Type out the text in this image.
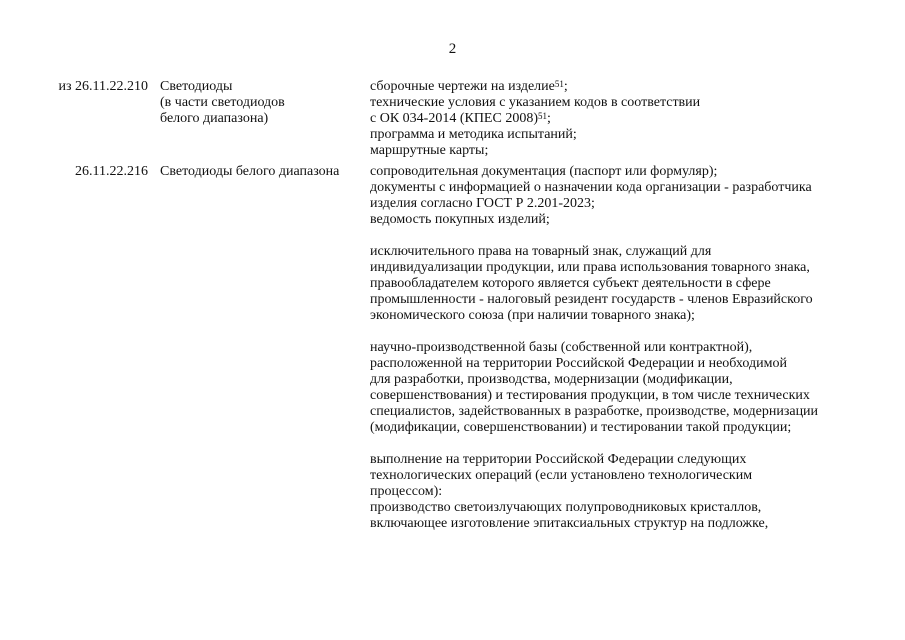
2
из 26.11.22.210 Светодиоды
(в части светодиодов
белого диапазона)
сборочные чертежи на изделие$^{51}$;
технические условия с указанием кодов в соответствии
с ОК 034-2014 (КПЕС 2008)$^{51}$;
программа и методика испытаний;
маршрутные карты;
26.11.22.216 Светодиоды белого диапазона	сопроводительная документация (паспорт или формуляр);
документы с информацией о назначении кода организации - разработчика
изделия согласно ГОСТ Р 2.201-2023;
ведомость покупных изделий;
исключительного права на товарный знак, служащий для
индивидуализации продукции, или права использования товарного знака,
правообладателем которого является субъект деятельности в сфере
промышленности - налоговый резидент государств - членов Евразийского
экономического союза (при наличии товарного знака);
научно-производственной базы (собственной или контрактной),
расположенной на территории Российской Федерации и необходимой
для разработки, производства, модернизации (модификации,
совершенствования) и тестирования продукции, в том числе технических
специалистов, задействованных в разработке, производстве, модернизации
(модификации, совершенствовании) и тестировании такой продукции;
выполнение на территории Российской Федерации следующих
технологических операций (если установлено технологическим
процессом):
производство светоизлучающих полупроводниковых кристаллов,
включающее изготовление эпитаксиальных структур на подложке,
